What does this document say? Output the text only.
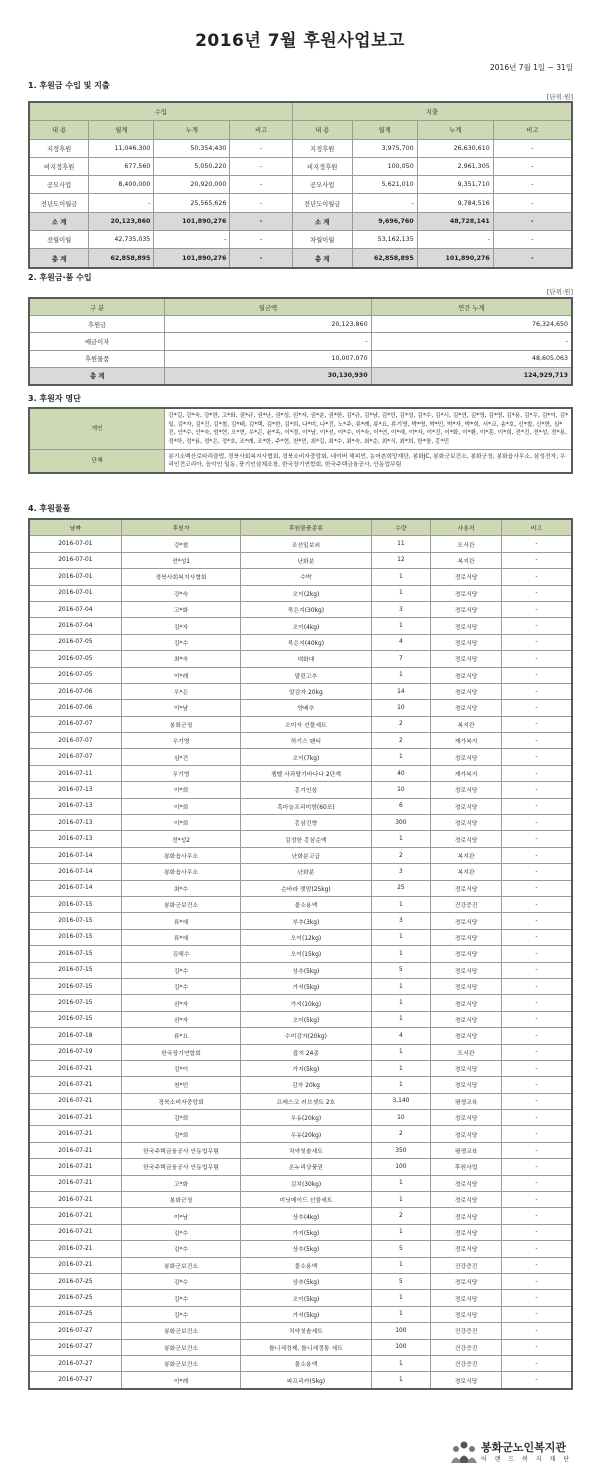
2016년 7월 후원사업보고
2016년 7월 1일 ~ 31일
1. 후원금 수입 및 지출
[단위:원]
수입				지출			
내 용	월계	누계	비고	내 용	월계	누계	비고
지정후원	11,046,300	50,354,430	-	지정후원	3,975,700	26,630,610	-
비지정후원	677,560	5,050,220	-	비지정후원	100,050	2,961,305	-
공모사업	8,400,000	20,920,000	-	공모사업	5,621,010	9,351,710	-
전년도이월금	-	25,565,626	-	전년도이월금	-	9,784,516	-
소 계	20,123,860	101,890,276	-	소 계	9,696,760	48,728,141	-
전월이월	42,735,035	-	-	차월이월	53,162,135	-	-
총 계	62,858,895	101,890,276	-	총 계	62,858,895	101,890,276	-
2. 후원금·품 수입
[단위:원]
구 분	월금액	연간 누계
후원금	20,123,860	76,324,650
예금이자	-	-
후원물품	10,007,070	48,605,063
총 계	30,130,930	124,929,713
3. 후원자 명단
개인	강*길, 강*숙, 강*한, 고*화, 권*규, 권*난, 권*성, 권*자, 권*춘, 권*한, 김*규, 김*남, 김*민, 김*성, 김*수, 김*시, 김*연, 김*영, 김*영, 김*용, 김*우, 김*이, 김*일, 김*자, 김*진, 김*철, 김*태, 김*택, 김*한, 김*희, 나*미, 나*진, 노*주, 류*례, 류*요, 류기영, 박*명, 박*민, 박*자, 박*희, 서*교, 송*호, 신*철, 신*현, 심*진, 안*수, 안*숙, 엄*현, 오*현, 우*곤, 윤*옥, 이*경, 이*남, 이*선, 이*수, 이*숙, 이*연, 이*예, 이*자, 이*진, 이*화, 이*환, 이*훈, 이*희, 전*진, 전*성, 전*용, 정*하, 정*용, 정*은, 정*호, 조*례, 조*한, 주*현, 천*민, 최*길, 최*수, 최*숙, 최*순, 최*식, 최*희, 한*창, 홍*민
단체	봉기소백산로타리클럽, 경북사회복지사협회, 경북소비자중앙회, 네이버 해피빈, 농어촌희망재단, 봉화JC, 봉화군보건소, 봉화군청, 봉화읍사무소, 삼성전자, 우리인견코리아, 음악인 일동, 풍기인삼제조창, 한국장기연합회, 한국주택금융공사, 안동업무팀
4. 후원물품
날짜	후원자	후원물품종류	수량	사용처	비고
2016-07-01	강*철	조선일보외	11	도서관	-
2016-07-01	전*성1	난화분	12	복지관	-
2016-07-01	경북사회복지사협회	수박	1	경로식당	-
2016-07-01	강*숙	오이(2kg)	1	경로식당	-
2016-07-04	고*화	묵은지(30kg)	3	경로식당	-
2016-07-04	김*자	오이(4kg)	1	경로식당	-
2016-07-05	김*수	묵은지(40kg)	4	경로식당	-
2016-07-05	최*숙	대화대	7	경로식당	-
2016-07-05	이*례	말린고추	1	경로식당	-
2016-07-06	우*은	알감자 20kg	14	경로식당	-
2016-07-06	이*남	양배추	10	경로식당	-
2016-07-07	봉화군청	오미자 선물세트	2	복지관	-
2016-07-07	우기영	하기스 팬티	2	재가복지	-
2016-07-07	심*진	오이(7kg)	1	경로식당	-
2016-07-11	우기영	젬벨 사과탈기바나나 2단계	40	재가복지	-
2016-07-13	이*희	홍기인삼	10	경로식당	-
2016-07-13	이*희	흑마늘프리미엄(60포)	6	경로식당	-
2016-07-13	이*희	홍삼진향	300	경로식당	-
2016-07-13	전*성2	김정한 홍삼순액	1	경로식당	-
2016-07-14	봉화읍사무소	난화분고급	2	복지관	-
2016-07-14	봉화읍사무소	난화분	3	복지관	-
2016-07-14	최*수	순바라 캣맘(25kg)	25	경로식당	-
2016-07-15	봉화군보건소	물소용액	1	건강증진	-
2016-07-15	류*예	부추(3kg)	3	경로식당	-
2016-07-15	류*예	오이(12kg)	1	경로식당	-
2016-07-15	김해수	오이(15kg)	1	경로식당	-
2016-07-15	김*수	상추(5kg)	5	경로식당	-
2016-07-15	김*수	가지(5kg)	1	경로식당	-
2016-07-15	권*자	가지(10kg)	1	경로식당	-
2016-07-15	권*자	오이(5kg)	1	경로식당	-
2016-07-18	류*요	수미감자(20kg)	4	경로식당	-
2016-07-19	한국장기연합회	잡지 24종	1	도서관	-
2016-07-21	김*이	가지(5kg)	1	경로식당	-
2016-07-21	천*민	감자 20kg	1	경로식당	-
2016-07-21	경북소비자중앙회	프레스코 러브셋트 2호	3,140	평생교육	-
2016-07-21	김*희	우유(20kg)	10	경로식당	-
2016-07-21	김*희	우유(20kg)	2	경로식당	-
2016-07-21	한국주택금융공사 안동업무팀	치약칫솔세트	350	평생교육	-
2016-07-21	한국주택금융공사 안동업무팀	온누리상품권	100	후원사업	-
2016-07-21	고*화	김치(30kg)	1	경로식당	-
2016-07-21	봉화군청	미닛메이드 선물세트	1	경로식당	-
2016-07-21	이*남	상추(4kg)	2	경로식당	-
2016-07-21	김*수	가지(5kg)	1	경로식당	-
2016-07-21	김*수	상추(5kg)	5	경로식당	-
2016-07-21	봉화군보건소	물소용액	1	건강증진	-
2016-07-25	김*수	상추(5kg)	5	경로식당	-
2016-07-25	김*수	오이(5kg)	1	경로식당	-
2016-07-25	김*수	가지(5kg)	1	경로식당	-
2016-07-27	봉화군보건소	치약칫솔세트	100	건강증진	-
2016-07-27	봉화군보건소	틀니세정제, 틀니세정통 세트	100	건강증진	-
2016-07-27	봉화군보건소	물소용액	1	건강증진	-
2016-07-27	이*례	파프리카(5kg)	1	경로식당	-
봉화군노인복지관
이 랜 드 복 지 재 단
